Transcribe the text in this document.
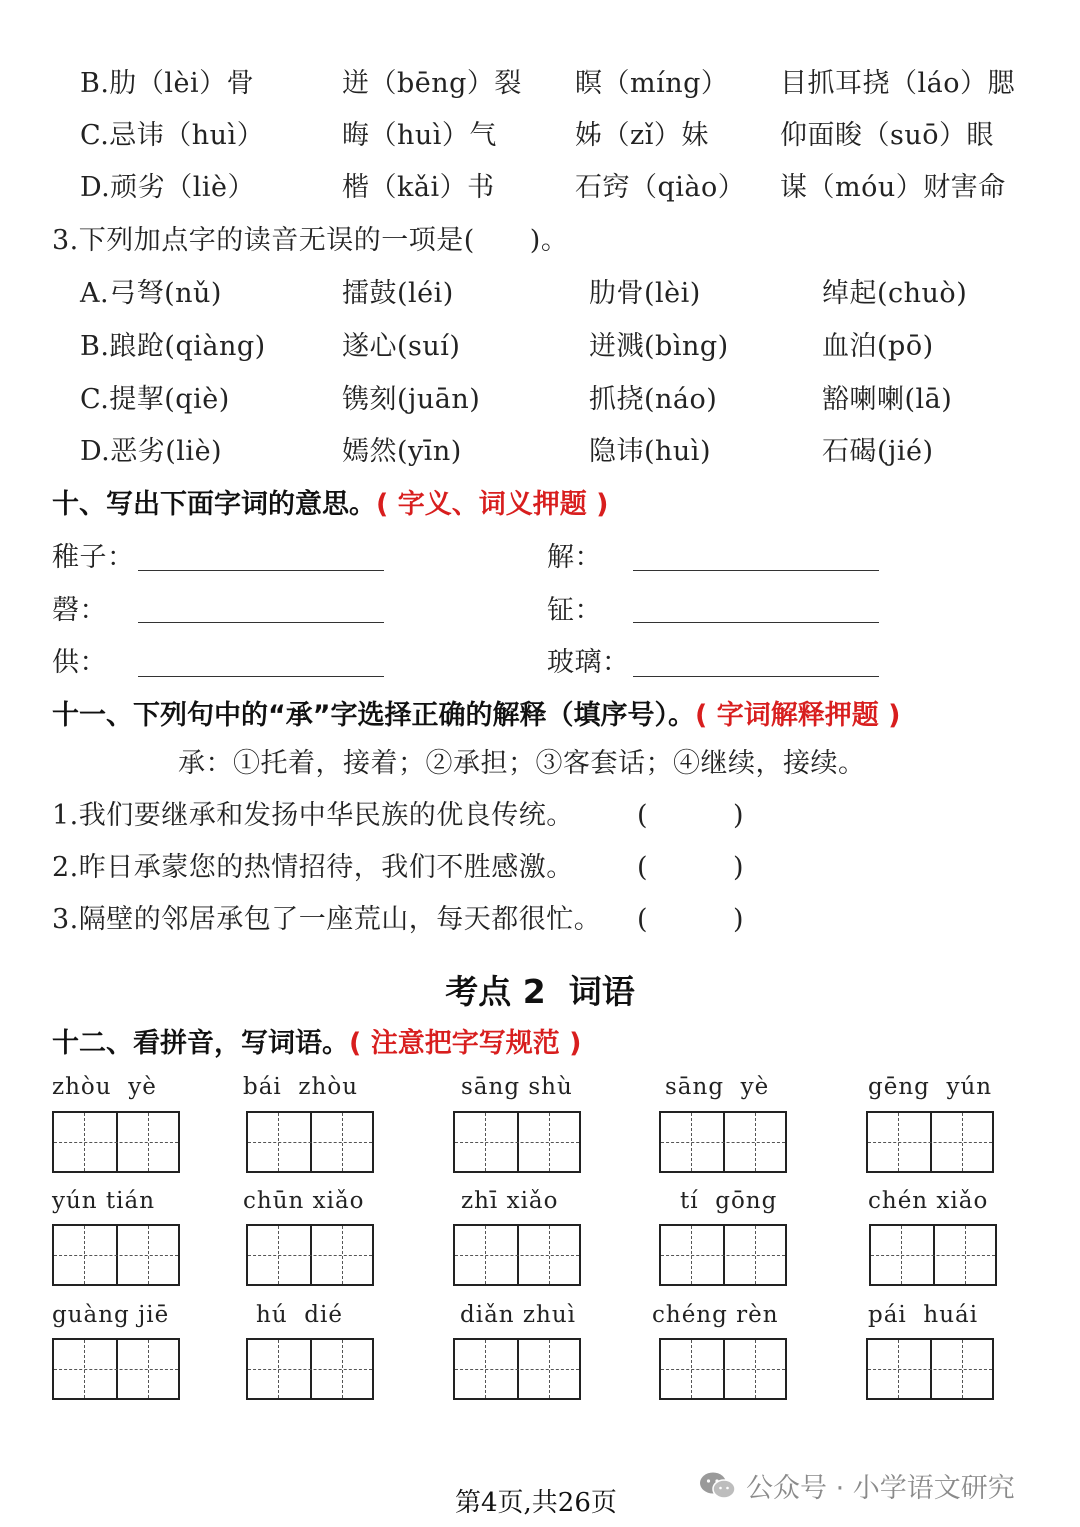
B.肋（lèi）骨	迸（bēng）裂 瞑（míng） 目抓耳挠（láo）腮
C.忌讳（huì）	晦（huì）气	姊（zǐ）妹	仰面睃（suō）眼
D.顽劣（liè）	楷（kǎi）书	石窍（qiào） 谋（móu）财害命
3.下列加点字的读音无误的一项是(　　)。
A.弓弩(nǔ)	擂鼓(léi)	肋骨(lèi)	绰起(chuò)
B.踉跄(qiàng)	遂心(suí)	迸溅(bìng)	血泊(pō)
C.提挈(qiè)	镌刻(juān)	抓挠(náo)	豁喇喇(lā)
D.恶劣(liè)	嫣然(yīn)	隐讳(huì)	石碣(jié)
十、写出下面字词的意思。( 字义、词义押题 )
稚子：	解：
磬：	钲：
供：	玻璃：
十一、下列句中的“承”字选择正确的解释（填序号）。( 字词解释押题 )
承：①托着，接着；②承担；③客套话；④继续，接续。
1.我们要继承和发扬中华民族的优良传统。 (	)
2.昨日承蒙您的热情招待，我们不胜感激。 (	)
3.隔壁的邻居承包了一座荒山，每天都很忙。 (	)
考点 2  词语
十二、看拼音，写词语。( 注意把字写规范 )
zhòu  yè	bái  zhòu	sāng shù	sāng  yè	gēng  yún
yún tián	chūn xiǎo	zhī xiǎo	tí  gōng	chén xiǎo
guàng jiē	hú  dié	diǎn zhuì	chéng rèn	pái  huái
第4页,共26页	公众号 · 小学语文研究
